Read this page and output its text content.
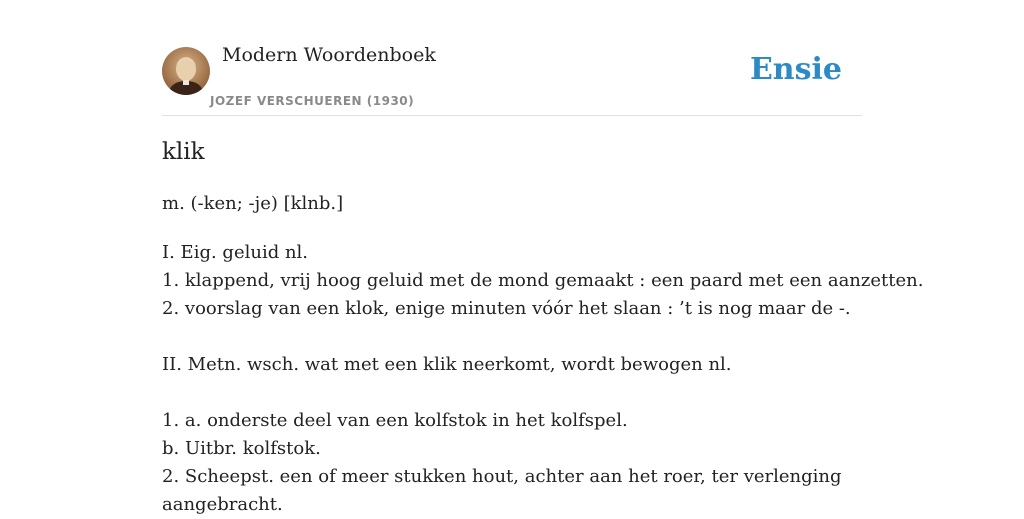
Modern Woordenboek
JOZEF VERSCHUEREN (1930)
Ensie
klik
m. (-ken; -je) [klnb.]
I. Eig. geluid nl.
1. klappend, vrij hoog geluid met de mond gemaakt : een paard met een aanzetten.
2. voorslag van een klok, enige minuten vóór het slaan : ’t is nog maar de -.
II. Metn. wsch. wat met een klik neerkomt, wordt bewogen nl.
1. a. onderste deel van een kolfstok in het kolfspel.
b. Uitbr. kolfstok.
2. Scheepst. een of meer stukken hout, achter aan het roer, ter verlenging
aangebracht.
